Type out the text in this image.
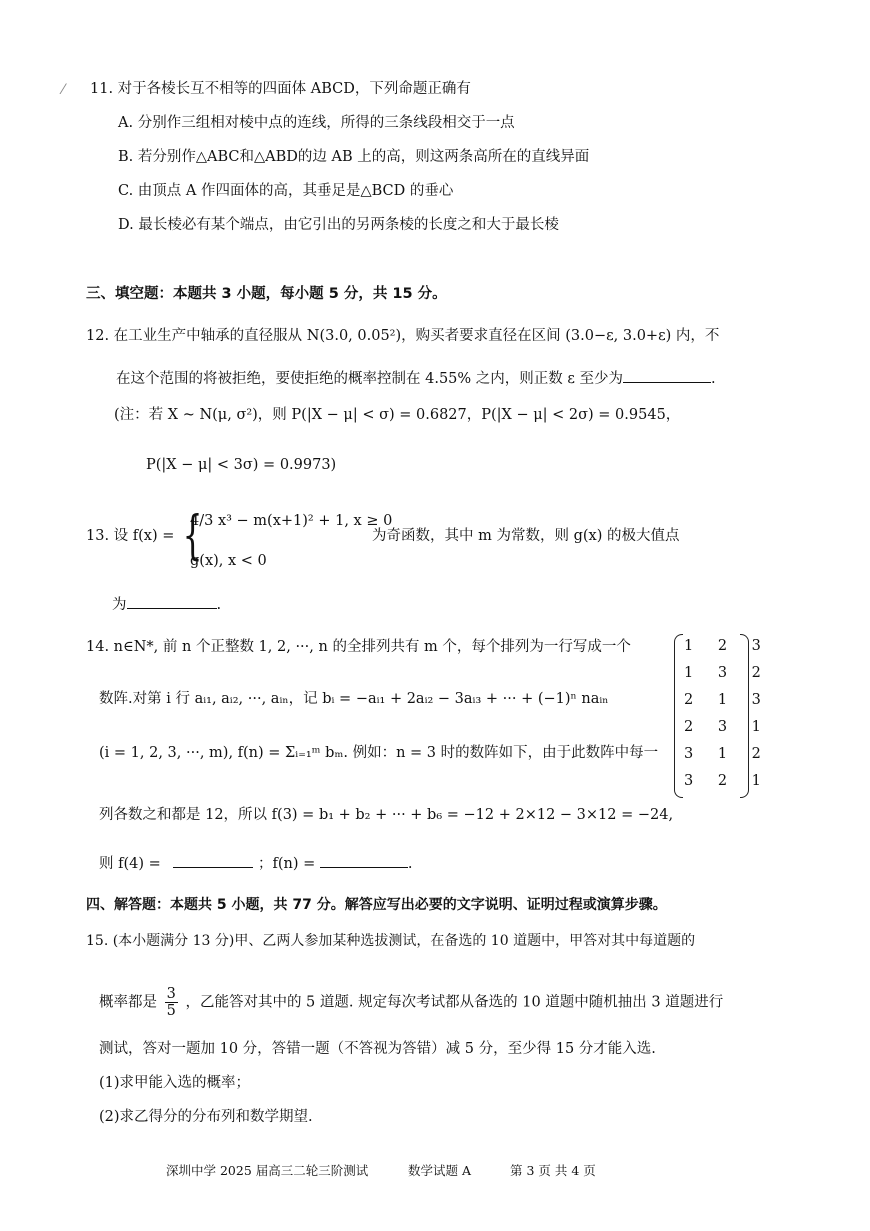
⁄ 11. 对于各棱长互不相等的四面体 ABCD，下列命题正确有
A. 分别作三组相对棱中点的连线，所得的三条线段相交于一点
B. 若分别作△ABC和△ABD的边 AB 上的高，则这两条高所在的直线异面
C. 由顶点 A 作四面体的高，其垂足是△BCD 的垂心
D. 最长棱必有某个端点，由它引出的另两条棱的长度之和大于最长棱
三、填空题：本题共 3 小题，每小题 5 分，共 15 分。
12. 在工业生产中轴承的直径服从 N(3.0, 0.05²)，购买者要求直径在区间 (3.0−ε, 3.0+ε) 内，不
在这个范围的将被拒绝，要使拒绝的概率控制在 4.55% 之内，则正数 ε 至少为	.
(注：若 X ~ N(μ, σ²)，则 P(|X − μ| < σ) = 0.6827，P(|X − μ| < 2σ) = 0.9545，
P(|X − μ| < 3σ) = 0.9973)
13. 设 f(x) = {
4/3 x³ − m(x+1)² + 1, x ≥ 0
g(x), x < 0
为奇函数，其中 m 为常数，则 g(x) 的极大值点
为	.
14. n∈N*, 前 n 个正整数 1, 2, ···, n 的全排列共有 m 个，每个排列为一行写成一个
数阵.对第 i 行 aᵢ₁, aᵢ₂, ···, aᵢₙ，记 bᵢ = −aᵢ₁ + 2aᵢ₂ − 3aᵢ₃ + ··· + (−1)ⁿ naᵢₙ
(i = 1, 2, 3, ···, m), f(n) = Σᵢ₌₁ᵐ bₘ. 例如：n = 3 时的数阵如下，由于此数阵中每一
列各数之和都是 12，所以 f(3) = b₁ + b₂ + ··· + b₆ = −12 + 2×12 − 3×12 = −24,
则 f(4) =	；f(n) =	.
1 2 3
1 3 2
2 1 3
2 3 1
3 1 2
3 2 1
四、解答题：本题共 5 小题，共 77 分。解答应写出必要的文字说明、证明过程或演算步骤。
15. (本小题满分 13 分)甲、乙两人参加某种选拔测试，在备选的 10 道题中，甲答对其中每道题的
概率都是 $\frac{3}{5}$ ，乙能答对其中的 5 道题. 规定每次考试都从备选的 10 道题中随机抽出 3 道题进行
测试，答对一题加 10 分，答错一题（不答视为答错）减 5 分，至少得 15 分才能入选.
(1)求甲能入选的概率；
(2)求乙得分的分布列和数学期望.
深圳中学 2025 届高三二轮三阶测试	数学试题 A	第 3 页 共 4 页
